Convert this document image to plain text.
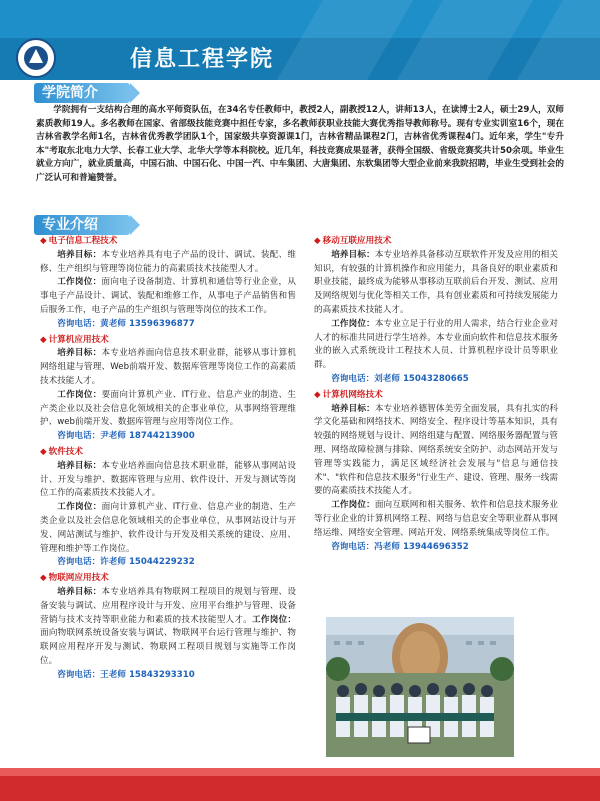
信息工程学院
学院简介
学院拥有一支结构合理的高水平师资队伍，在34名专任教师中，教授2人，副教授12人，讲师13人，在读博士2人，硕士29人，双师素质教师19人。多名教师在国家、省部级技能竞赛中担任专家，多名教师获职业技能大赛优秀指导教师称号。现有专业实训室16个，现在吉林省教学名师1名，吉林省优秀教学团队1个，国家级共享资源课1门，吉林省精品课程2门，吉林省优秀课程4门。近年来，学生"专升本"考取东北电力大学、长春工业大学、北华大学等本科院校。近几年，科技竞赛成果显著，获得全国级、省级竞赛奖共计50余项。毕业生就业方向广，就业质量高，中国石油、中国石化、中国一汽、中车集团、大唐集团、东软集团等大型企业前来我院招聘，毕业生受到社会的广泛认可和普遍赞誉。
专业介绍
◆ 电子信息工程技术

培养目标：本专业培养具有电子产品的设计、调试、装配、维修、生产组织与管理等岗位能力的高素质技术技能型人才。

工作岗位：面向电子设备制造、计算机和通信等行业企业，从事电子产品设计、调试、装配和维修工作，从事电子产品销售和售后服务工作，电子产品的生产组织与管理等岗位的技术工作。

咨询电话：黄老师 13596396877

◆ 计算机应用技术

培养目标：本专业培养面向信息技术职业群，能够从事计算机网络组建与管理、Web前端开发、数据库管理等岗位工作的高素质技术技能人才。

工作岗位：要面向计算机产业、IT行业、信息产业的制造、生产类企业以及社会信息化领域相关的企事业单位，从事网络管理维护、web前端开发、数据库管理与应用等岗位工作。

咨询电话：尹老师 18744213900

◆ 软件技术

培养目标：本专业培养面向信息技术职业群，能够从事网站设计、开发与维护、数据库管理与应用、软件设计、开发与测试等岗位工作的高素质技术技能人才。

工作岗位：面向计算机产业、IT行业、信息产业的制造、生产类企业以及社会信息化领域相关的企事业单位，从事网站设计与开发、网站测试与维护、软件设计与开发及相关系统的建设、应用、管理和维护等工作岗位。

咨询电话：许老师 15044229232

◆ 物联网应用技术

培养目标：本专业培养具有物联网工程项目的规划与管理、设备安装与调试、应用程序设计与开发、应用平台维护与管理、设备营销与技术支持等职业能力和素质的技术技能型人才。工作岗位：面向物联网系统设备安装与调试、物联网平台运行管理与维护、物联网应用程序开发与测试、物联网工程项目规划与实施等工作岗位。

咨询电话：王老师 15843293310

◆ 移动互联应用技术

培养目标：本专业培养具备移动互联软件开发及应用的相关知识，有较强的计算机操作和应用能力，具备良好的职业素质和职业技能，最终成为能够从事移动互联前后台开发、测试、应用及网络规划与优化等相关工作，具有创业素质和可持续发展能力的高素质技术技能人才。

工作岗位：本专业立足于行业的用人需求，结合行业企业对人才的标准共同进行学生培养。本专业面向软件和信息技术服务业的嵌入式系统设计工程技术人员、计算机程序设计员等职业群。

咨询电话：刘老师 15043280665

◆ 计算机网络技术

培养目标：本专业培养德智体美劳全面发展，具有扎实的科学文化基础和网络技术、网络安全、程序设计等基本知识，具有较强的网络规划与设计、网络组建与配置、网络服务器配置与管理、网络故障检测与排除、网络系统安全防护、动态网站开发与管理等实践能力，满足区域经济社会发展与"信息与通信技术"、"软件和信息技术服务"行业生产、建设、管理、服务一线需要的高素质技术技能人才。

工作岗位：面向互联网和相关服务、软件和信息技术服务业等行业企业的计算机网络工程、网络与信息安全等职业群从事网络运维、网络安全管理、网站开发、网络系统集成等岗位工作。

咨询电话：冯老师 13944696352

20
